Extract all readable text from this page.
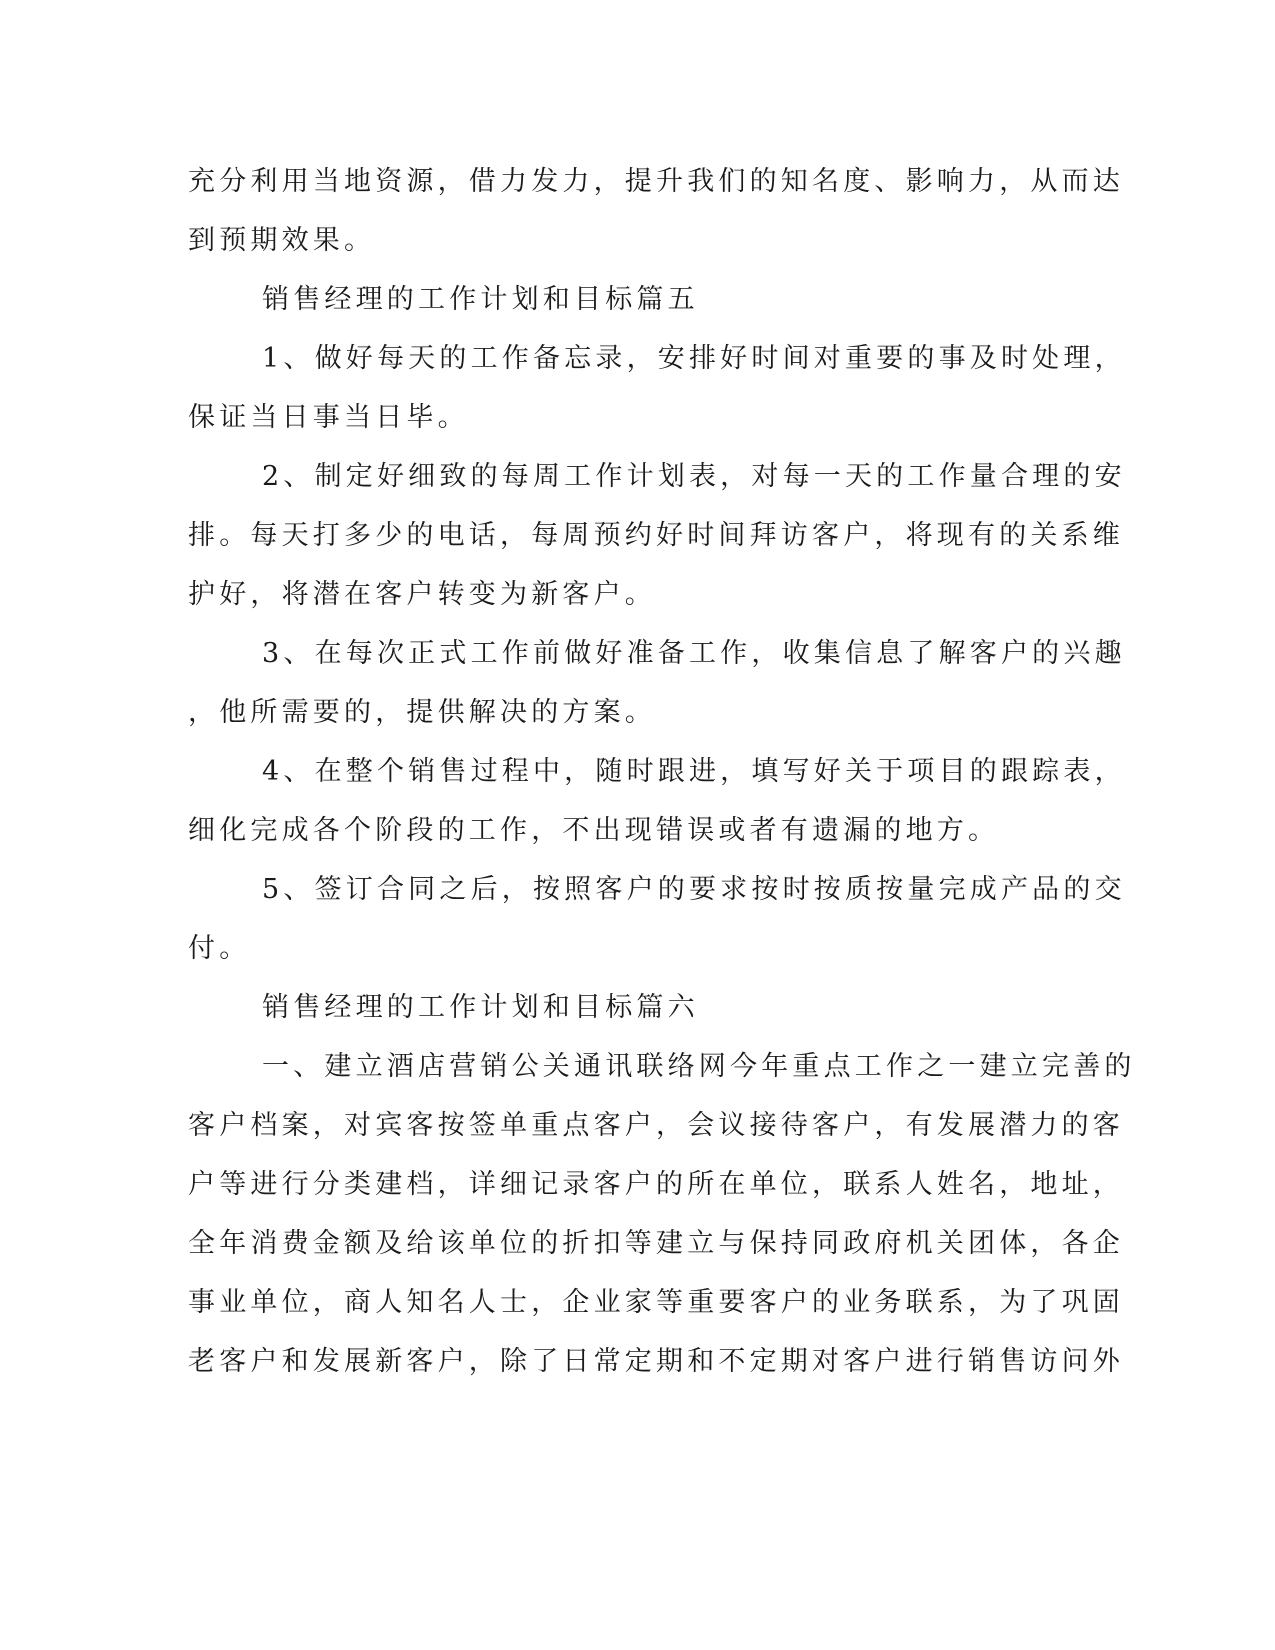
充分利用当地资源，借力发力，提升我们的知名度、影响力，从而达
到预期效果。
销售经理的工作计划和目标篇五
1、做好每天的工作备忘录，安排好时间对重要的事及时处理，
保证当日事当日毕。
2、制定好细致的每周工作计划表，对每一天的工作量合理的安
排。每天打多少的电话，每周预约好时间拜访客户，将现有的关系维
护好，将潜在客户转变为新客户。
3、在每次正式工作前做好准备工作，收集信息了解客户的兴趣
，他所需要的，提供解决的方案。
4、在整个销售过程中，随时跟进，填写好关于项目的跟踪表，
细化完成各个阶段的工作，不出现错误或者有遗漏的地方。
5、签订合同之后，按照客户的要求按时按质按量完成产品的交
付。
销售经理的工作计划和目标篇六
一、建立酒店营销公关通讯联络网今年重点工作之一建立完善的
客户档案，对宾客按签单重点客户，会议接待客户，有发展潜力的客
户等进行分类建档，详细记录客户的所在单位，联系人姓名，地址，
全年消费金额及给该单位的折扣等建立与保持同政府机关团体，各企
事业单位，商人知名人士，企业家等重要客户的业务联系，为了巩固
老客户和发展新客户，除了日常定期和不定期对客户进行销售访问外
